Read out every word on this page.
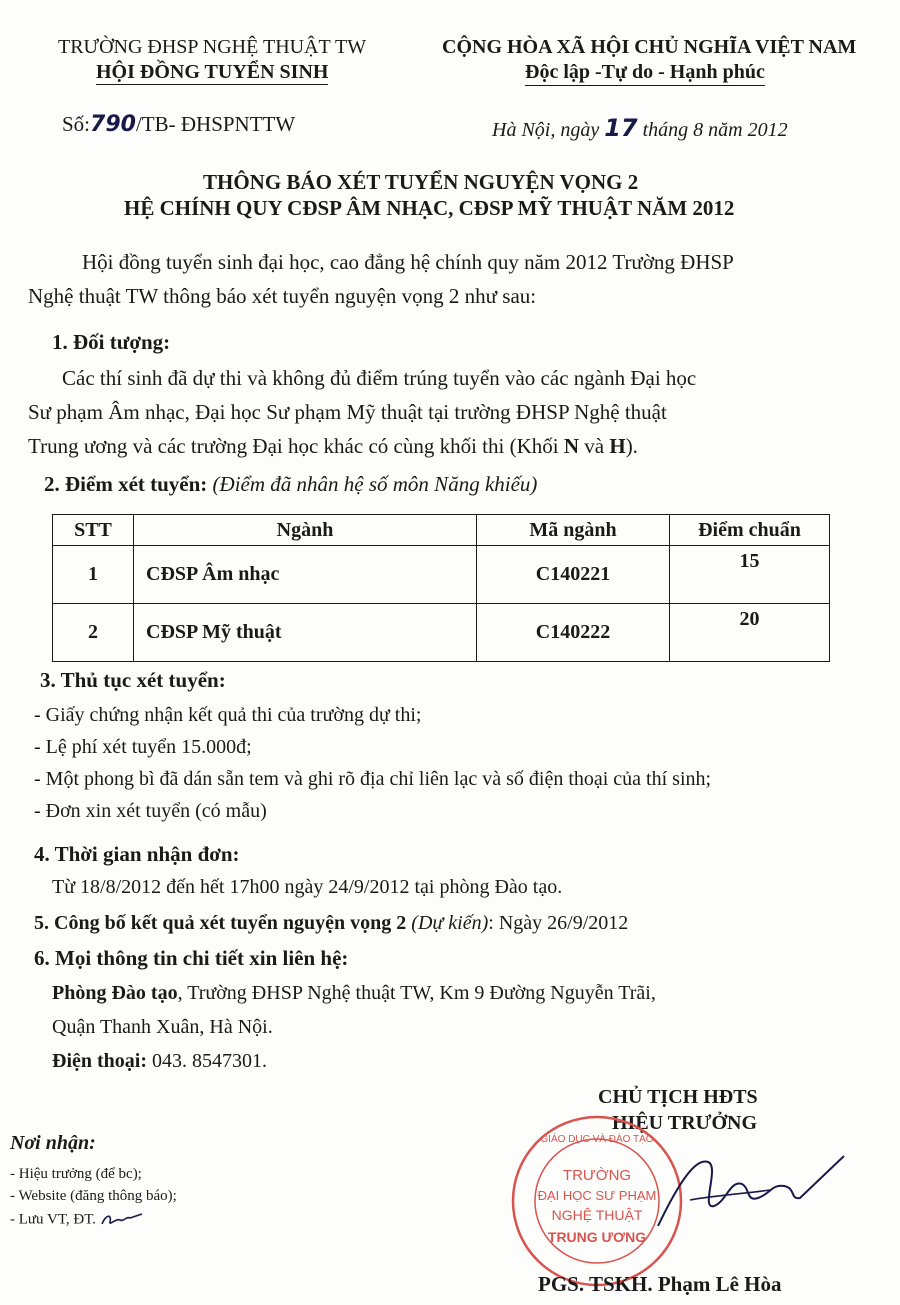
TRƯỜNG ĐHSP NGHỆ THUẬT TW
HỘI ĐỒNG TUYỂN SINH
CỘNG HÒA XÃ HỘI CHỦ NGHĨA VIỆT NAM
Độc lập -Tự do - Hạnh phúc
Số:790/TB- ĐHSPNTTW	Hà Nội, ngày 17 tháng 8 năm 2012
THÔNG BÁO XÉT TUYỂN NGUYỆN VỌNG 2
HỆ CHÍNH QUY CĐSP ÂM NHẠC, CĐSP MỸ THUẬT NĂM 2012
Hội đồng tuyển sinh đại học, cao đẳng hệ chính quy năm 2012 Trường ĐHSP
Nghệ thuật TW thông báo xét tuyển nguyện vọng 2 như sau:
1. Đối tượng:
Các thí sinh đã dự thi và không đủ điểm trúng tuyển vào các ngành Đại học
Sư phạm Âm nhạc, Đại học Sư phạm Mỹ thuật tại trường ĐHSP Nghệ thuật
Trung ương và các trường Đại học khác có cùng khối thi (Khối N và H).
2. Điểm xét tuyển: (Điểm đã nhân hệ số môn Năng khiếu)
STT	Ngành	Mã ngành	Điểm chuẩn
1	CĐSP Âm nhạc	C140221	15
2	CĐSP Mỹ thuật	C140222	20
3. Thủ tục xét tuyển:
- Giấy chứng nhận kết quả thi của trường dự thi;
- Lệ phí xét tuyển 15.000đ;
- Một phong bì đã dán sẵn tem và ghi rõ địa chỉ liên lạc và số điện thoại của thí sinh;
- Đơn xin xét tuyển (có mẫu)
4. Thời gian nhận đơn:
Từ 18/8/2012 đến hết 17h00 ngày 24/9/2012 tại phòng Đào tạo.
5. Công bố kết quả xét tuyển nguyện vọng 2 (Dự kiến): Ngày 26/9/2012
6. Mọi thông tin chi tiết xin liên hệ:
Phòng Đào tạo, Trường ĐHSP Nghệ thuật TW, Km 9 Đường Nguyễn Trãi,
Quận Thanh Xuân, Hà Nội.
Điện thoại: 043. 8547301.
Nơi nhận:
- Hiệu trưởng (để bc);
- Website (đăng thông báo);
- Lưu VT, ĐT.
CHỦ TỊCH HĐTS
HIỆU TRƯỞNG
GIÁO DỤC VÀ ĐÀO TẠO
TRƯỜNG
ĐẠI HỌC SƯ PHẠM
NGHỆ THUẬT
TRUNG ƯƠNG
PGS. TSKH. Phạm Lê Hòa
